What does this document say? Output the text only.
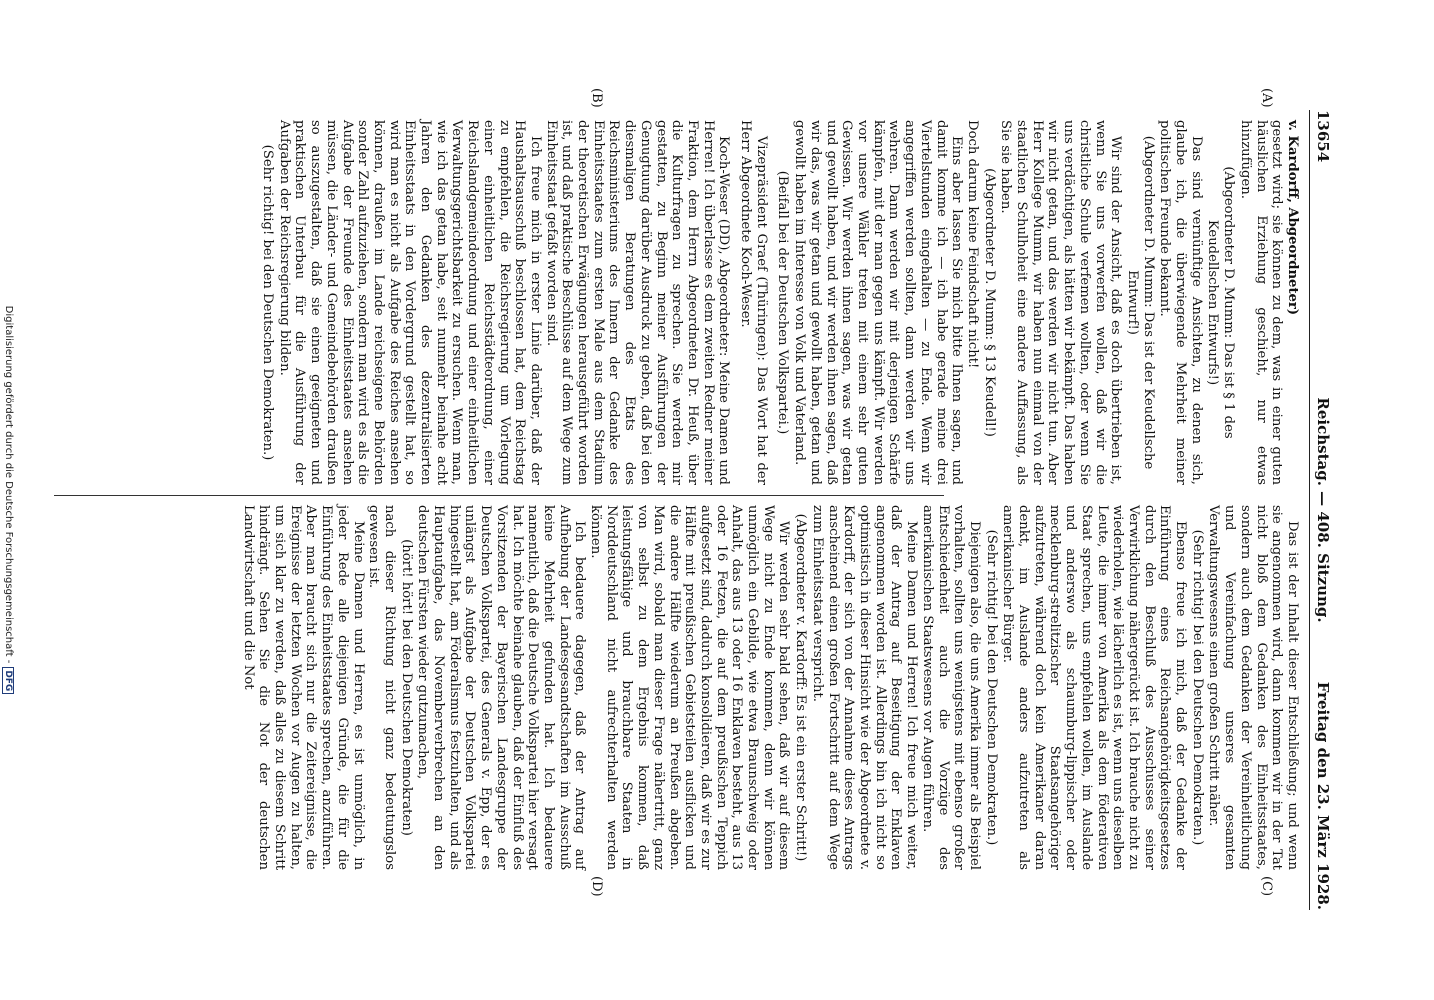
13654
Reichstag. — 408. Sitzung.
Freitag den 23. März 1928.
(A)
(B)
(C)
(D)

v. Kardorff, Abgeordneter)

gesetzt wird; sie können zu dem, was in einer guten häuslichen Erziehung geschieht, nur etwas hinzufügen.

(Abgeordneter D. Mumm: Das ist § 1 des Keudellschen Entwurfs!)

Das sind vernünftige Ansichten, zu denen sich, glaube ich, die überwiegende Mehrheit meiner politischen Freunde bekannt.

(Abgeordneter D. Mumm: Das ist der Keudellsche Entwurf!)

Wir sind der Ansicht, daß es doch übertrieben ist, wenn Sie uns vorwerfen wollen, daß wir die christliche Schule verfemen wollten, oder wenn Sie uns verdächtigen, als hätten wir bekämpft. Das haben wir nicht getan, und das werden wir nicht tun. Aber Herr Kollege Mumm, wir haben nun einmal von der staatlichen Schulhoheit eine andere Auffassung, als Sie sie haben.

(Abgeordneter D. Mumm: § 13 Keudell!)

Doch darum keine Feindschaft nicht!

Eins aber lassen Sie mich bitte Ihnen sagen, und damit komme ich — ich habe gerade meine drei Viertelstunden eingehalten — zu Ende. Wenn wir angegriffen werden sollten, dann werden wir uns wehren. Dann werden wir mit derjenigen Schärfe kämpfen, mit der man gegen uns kämpft. Wir werden vor unsere Wähler treten mit einem sehr guten Gewissen. Wir werden ihnen sagen, was wir getan und gewollt haben, und wir werden ihnen sagen, daß wir das, was wir getan und gewollt haben, getan und gewollt haben im Interesse von Volk und Vaterland.

(Beifall bei der Deutschen Volkspartei.)

Vizepräsident Graef (Thüringen): Das Wort hat der Herr Abgeordnete Koch-Weser.

Koch-Weser (DD), Abgeordneter: Meine Damen und Herren! Ich überlasse es dem zweiten Redner meiner Fraktion, dem Herrn Abgeordneten Dr. Heuß, über die Kulturfragen zu sprechen. Sie werden mir gestatten, zu Beginn meiner Ausführungen der Genugtuung darüber Ausdruck zu geben, daß bei den diesmaligen Beratungen des Etats des Reichsministeriums des Innern der Gedanke des Einheitsstaates zum ersten Male aus dem Stadium der theoretischen Erwägungen herausgeführt worden ist, und daß praktische Beschlüsse auf dem Wege zum Einheitsstaat gefaßt worden sind.

Ich freue mich in erster Linie darüber, daß der Haushaltsausschuß beschlossen hat, dem Reichstag zu empfehlen, die Reichsregierung um Vorlegung einer einheitlichen Reichsstädteordnung, einer Reichslandgemeindeordnung und einer einheitlichen Verwaltungsgerichtsbarkeit zu ersuchen. Wenn man, wie ich das getan habe, seit nunmehr beinahe acht Jahren den Gedanken des dezentralisierten Einheitsstaats in den Vordergrund gestellt hat, so wird man es nicht als Aufgabe des Reiches ansehen können, draußen im Lande reichseigene Behörden sonder Zahl aufzuziehen, sondern man wird es als die Aufgabe der Freunde des Einheitsstaates ansehen müssen, die Länder- und Gemeindebehörden draußen so auszugestalten, daß sie einen geeigneten und praktischen Unterbau für die Ausführung der Aufgaben der Reichsregierung bilden.

(Sehr richtig! bei den Deutschen Demokraten.)

Das ist der Inhalt dieser Entschließung; und wenn sie angenommen wird, dann kommen wir in der Tat nicht bloß dem Gedanken des Einheitsstaates, sondern auch dem Gedanken der Vereinheitlichung und Vereinfachung unseres gesamten Verwaltungswesens einen großen Schritt näher.

(Sehr richtig! bei den Deutschen Demokraten.)

Ebenso freue ich mich, daß der Gedanke der Einführung eines Reichsangehörigkeitsgesetzes durch den Beschluß des Ausschusses seiner Verwirklichung nähergerückt ist. Ich brauche nicht zu wiederholen, wie lächerlich es ist, wenn uns dieselben Leute, die immer von Amerika als dem föderativen Staat sprechen, uns empfehlen wollen, im Auslande und anderswo als schaumburg-lippischer oder mecklenburg-strelitzischer Staatsangehöriger aufzutreten, während doch kein Amerikaner daran denkt, im Auslande anders aufzutreten als amerikanischer Bürger.

(Sehr richtig! bei den Deutschen Demokraten.)

Diejenigen also, die uns Amerika immer als Beispiel vorhalten, sollten uns wenigstens mit ebenso großer Entschiedenheit auch die Vorzüge des amerikanischen Staatswesens vor Augen führen.

Meine Damen und Herren! Ich freue mich weiter, daß der Antrag auf Beseitigung der Enklaven angenommen worden ist. Allerdings bin ich nicht so optimistisch in dieser Hinsicht wie der Abgeordnete v. Kardorff, der sich von der Annahme dieses Antrags anscheinend einen großen Fortschritt auf dem Wege zum Einheitsstaat verspricht.

(Abgeordneter v. Kardorff: Es ist ein erster Schritt!)

Wir werden sehr bald sehen, daß wir auf diesem Wege nicht zu Ende kommen, denn wir können unmöglich ein Gebilde, wie etwa Braunschweig oder Anhalt, das aus 13 oder 16 Enklaven besteht, aus 13 oder 16 Fetzen, die auf dem preußischen Teppich aufgesetzt sind, dadurch konsolidieren, daß wir es zur Hälfte mit preußischen Gebietsteilen ausflicken und die andere Hälfte wiederum an Preußen abgeben. Man wird, sobald man dieser Frage nähertritt, ganz von selbst zu dem Ergebnis kommen, daß leistungsfähige und brauchbare Staaten in Norddeutschland nicht aufrechterhalten werden können.

Ich bedauere dagegen, daß der Antrag auf Aufhebung der Landesgesandtschaften im Ausschuß keine Mehrheit gefunden hat. Ich bedauere namentlich, daß die Deutsche Volkspartei hier versagt hat. Ich möchte beinahe glauben, daß der Einfluß des Vorsitzenden der Bayerischen Landesgruppe der Deutschen Volkspartei, des Generals v. Epp, der es unlängst als Aufgabe der Deutschen Volkspartei hingestellt hat, am Föderalismus festzuhalten, und als Hauptaufgabe, das Novemberverbrechen an den deutschen Fürsten wieder gutzumachen,

(hört! hört! bei den Deutschen Demokraten)

nach dieser Richtung nicht ganz bedeutungslos gewesen ist.

Meine Damen und Herren, es ist unmöglich, in jeder Rede alle diejenigen Gründe, die für die Einführung des Einheitsstaates sprechen, anzuführen. Aber man braucht sich nur die Zeitereignisse, die Ereignisse der letzten Wochen vor Augen zu halten, um sich klar zu werden, daß alles zu diesem Schritt hindrängt. Sehen Sie die Not der deutschen Landwirtschaft und die Not

Digitalisierung gefördert durch die Deutsche Forschungsgemeinschaft -DFG
